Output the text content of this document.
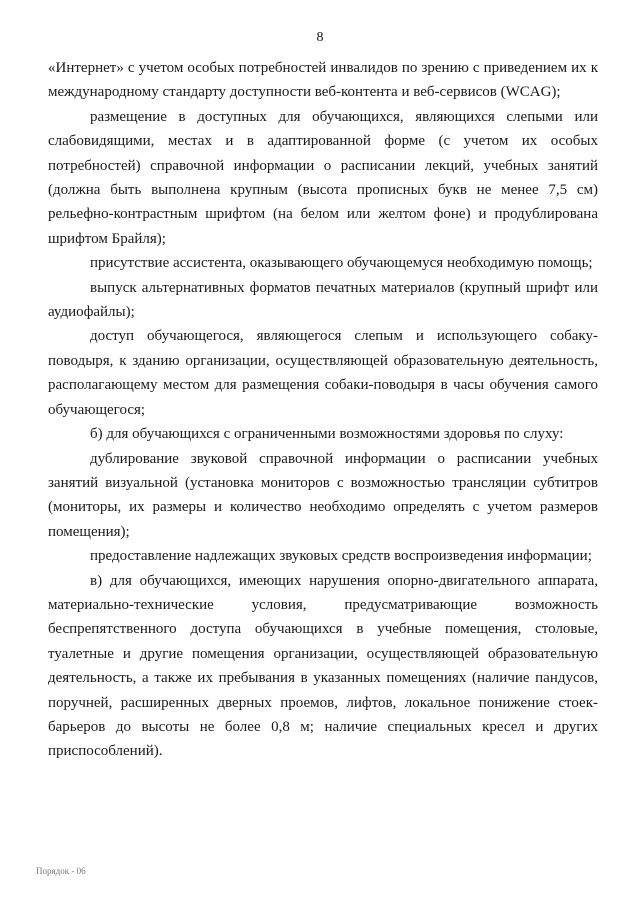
8

«Интернет» с учетом особых потребностей инвалидов по зрению с приведением их к международному стандарту доступности веб-контента и веб-сервисов (WCAG);

размещение в доступных для обучающихся, являющихся слепыми или слабовидящими, местах и в адаптированной форме (с учетом их особых потребностей) справочной информации о расписании лекций, учебных занятий (должна быть выполнена крупным (высота прописных букв не менее 7,5 см) рельефно-контрастным шрифтом (на белом или желтом фоне) и продублирована шрифтом Брайля);

присутствие ассистента, оказывающего обучающемуся необходимую помощь;

выпуск альтернативных форматов печатных материалов (крупный шрифт или аудиофайлы);

доступ обучающегося, являющегося слепым и использующего собаку-поводыря, к зданию организации, осуществляющей образовательную деятельность, располагающему местом для размещения собаки-поводыря в часы обучения самого обучающегося;

б) для обучающихся с ограниченными возможностями здоровья по слуху:

дублирование звуковой справочной информации о расписании учебных занятий визуальной (установка мониторов с возможностью трансляции субтитров (мониторы, их размеры и количество необходимо определять с учетом размеров помещения);

предоставление надлежащих звуковых средств воспроизведения информации;

в) для обучающихся, имеющих нарушения опорно-двигательного аппарата, материально-технические условия, предусматривающие возможность беспрепятственного доступа обучающихся в учебные помещения, столовые, туалетные и другие помещения организации, осуществляющей образовательную деятельность, а также их пребывания в указанных помещениях (наличие пандусов, поручней, расширенных дверных проемов, лифтов, локальное понижение стоек-барьеров до высоты не более 0,8 м; наличие специальных кресел и других приспособлений).

Порядок - 06
